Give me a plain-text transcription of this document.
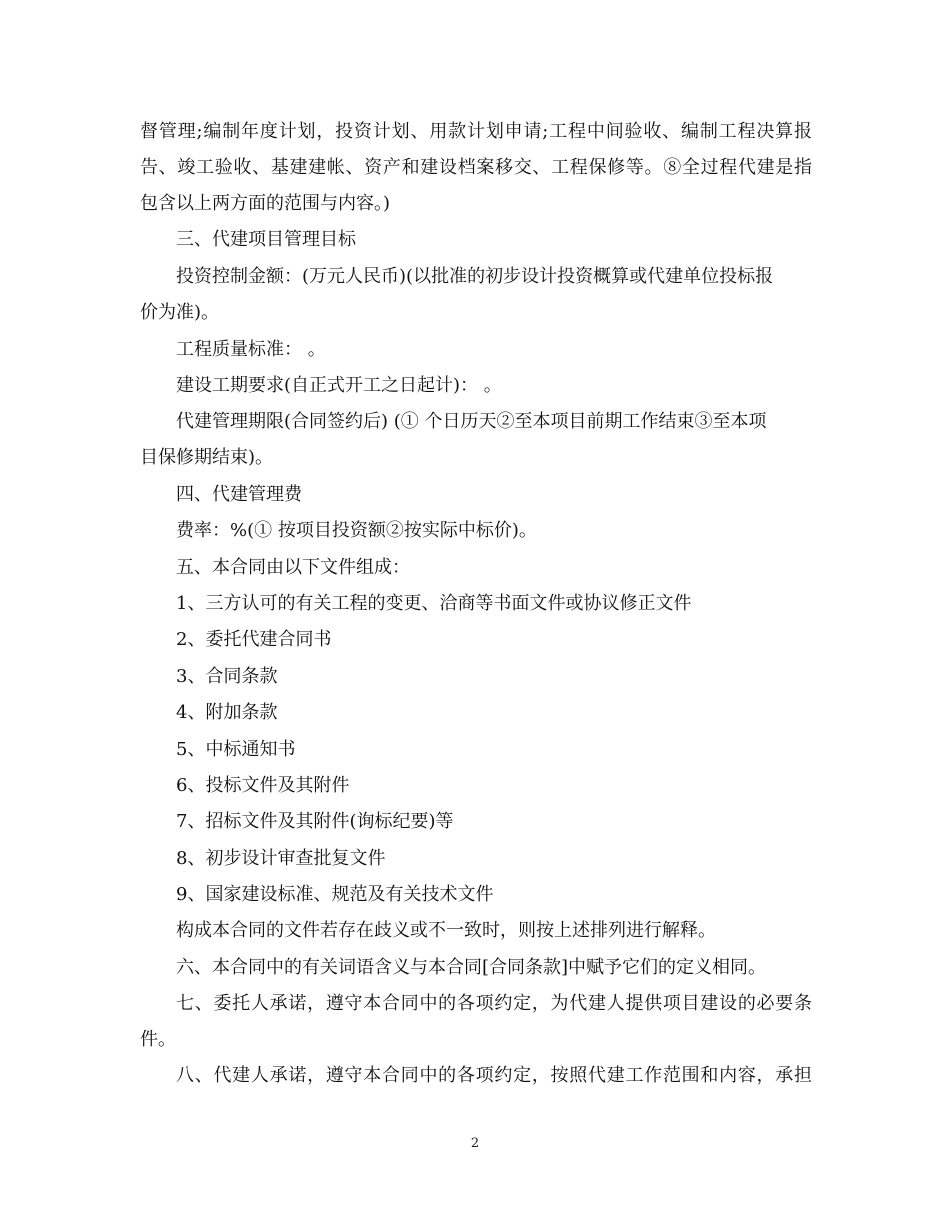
督管理;编制年度计划，投资计划、用款计划申请;工程中间验收、编制工程决算报
告、竣工验收、基建建帐、资产和建设档案移交、工程保修等。⑧全过程代建是指
包含以上两方面的范围与内容。)
三、代建项目管理目标
投资控制金额：(万元人民币)(以批准的初步设计投资概算或代建单位投标报
价为准)。
工程质量标准： 。
建设工期要求(自正式开工之日起计)： 。
代建管理期限(合同签约后) (① 个日历天②至本项目前期工作结束③至本项
目保修期结束)。
四、代建管理费
费率：%(① 按项目投资额②按实际中标价)。
五、本合同由以下文件组成：
1、三方认可的有关工程的变更、洽商等书面文件或协议修正文件
2、委托代建合同书
3、合同条款
4、附加条款
5、中标通知书
6、投标文件及其附件
7、招标文件及其附件(询标纪要)等
8、初步设计审查批复文件
9、国家建设标准、规范及有关技术文件
构成本合同的文件若存在歧义或不一致时，则按上述排列进行解释。
六、本合同中的有关词语含义与本合同[合同条款]中赋予它们的定义相同。
七、委托人承诺，遵守本合同中的各项约定，为代建人提供项目建设的必要条
件。
八、代建人承诺，遵守本合同中的各项约定，按照代建工作范围和内容，承担
2
